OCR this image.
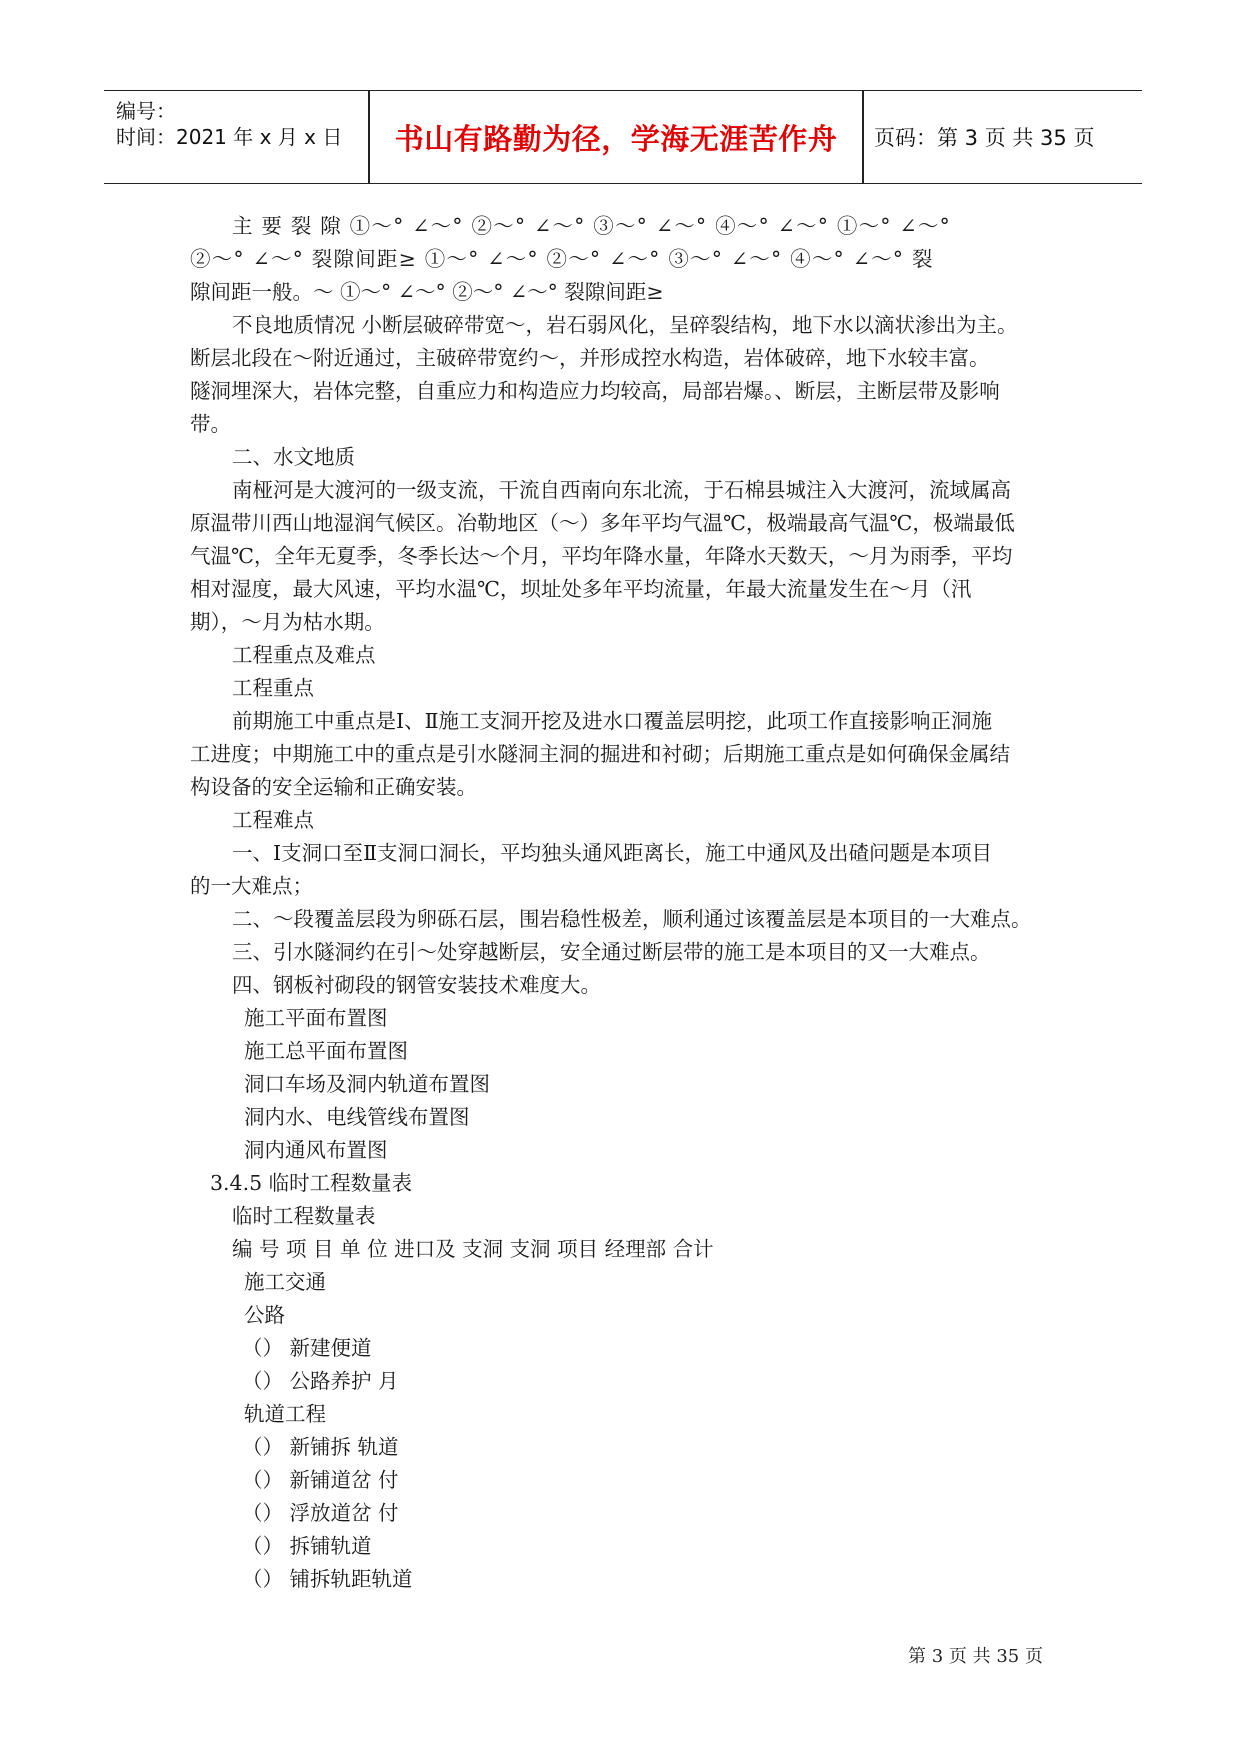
编号：
时间：2021 年 x 月 x 日	书山有路勤为径，学海无涯苦作舟	页码：第 3 页 共 35 页
主 要 裂 隙 ①～° ∠～° ②～° ∠～° ③～° ∠～° ④～° ∠～° ①～° ∠～°
②～° ∠～° 裂隙间距≥ ①～° ∠～° ②～° ∠～° ③～° ∠～° ④～° ∠～° 裂
隙间距一般。～ ①～° ∠～° ②～° ∠～° 裂隙间距≥
不良地质情况 小断层破碎带宽～，岩石弱风化，呈碎裂结构，地下水以滴状渗出为主。
断层北段在～附近通过，主破碎带宽约～，并形成控水构造，岩体破碎，地下水较丰富。
隧洞埋深大，岩体完整，自重应力和构造应力均较高，局部岩爆。、断层，主断层带及影响
带。
二、水文地质
南桠河是大渡河的一级支流，干流自西南向东北流，于石棉县城注入大渡河，流域属高
原温带川西山地湿润气候区。冶勒地区（～）多年平均气温℃，极端最高气温℃，极端最低
气温℃，全年无夏季，冬季长达～个月，平均年降水量，年降水天数天，～月为雨季，平均
相对湿度，最大风速，平均水温℃，坝址处多年平均流量，年最大流量发生在～月（汛
期），～月为枯水期。
工程重点及难点
工程重点
前期施工中重点是Ⅰ、Ⅱ施工支洞开挖及进水口覆盖层明挖，此项工作直接影响正洞施
工进度；中期施工中的重点是引水隧洞主洞的掘进和衬砌；后期施工重点是如何确保金属结
构设备的安全运输和正确安装。
工程难点
一、Ⅰ支洞口至Ⅱ支洞口洞长，平均独头通风距离长，施工中通风及出碴问题是本项目
的一大难点；
二、～段覆盖层段为卵砾石层，围岩稳性极差，顺利通过该覆盖层是本项目的一大难点。
三、引水隧洞约在引～处穿越断层，安全通过断层带的施工是本项目的又一大难点。
四、钢板衬砌段的钢管安装技术难度大。
施工平面布置图
施工总平面布置图
洞口车场及洞内轨道布置图
洞内水、电线管线布置图
洞内通风布置图
3.4.5 临时工程数量表
临时工程数量表
编 号 项 目 单 位 进口及 支洞 支洞 项目 经理部 合计
施工交通
公路
（） 新建便道
（） 公路养护 月
轨道工程
（） 新铺拆 轨道
（） 新铺道岔 付
（） 浮放道岔 付
（） 拆铺轨道
（） 铺拆轨距轨道
第 3 页 共 35 页
